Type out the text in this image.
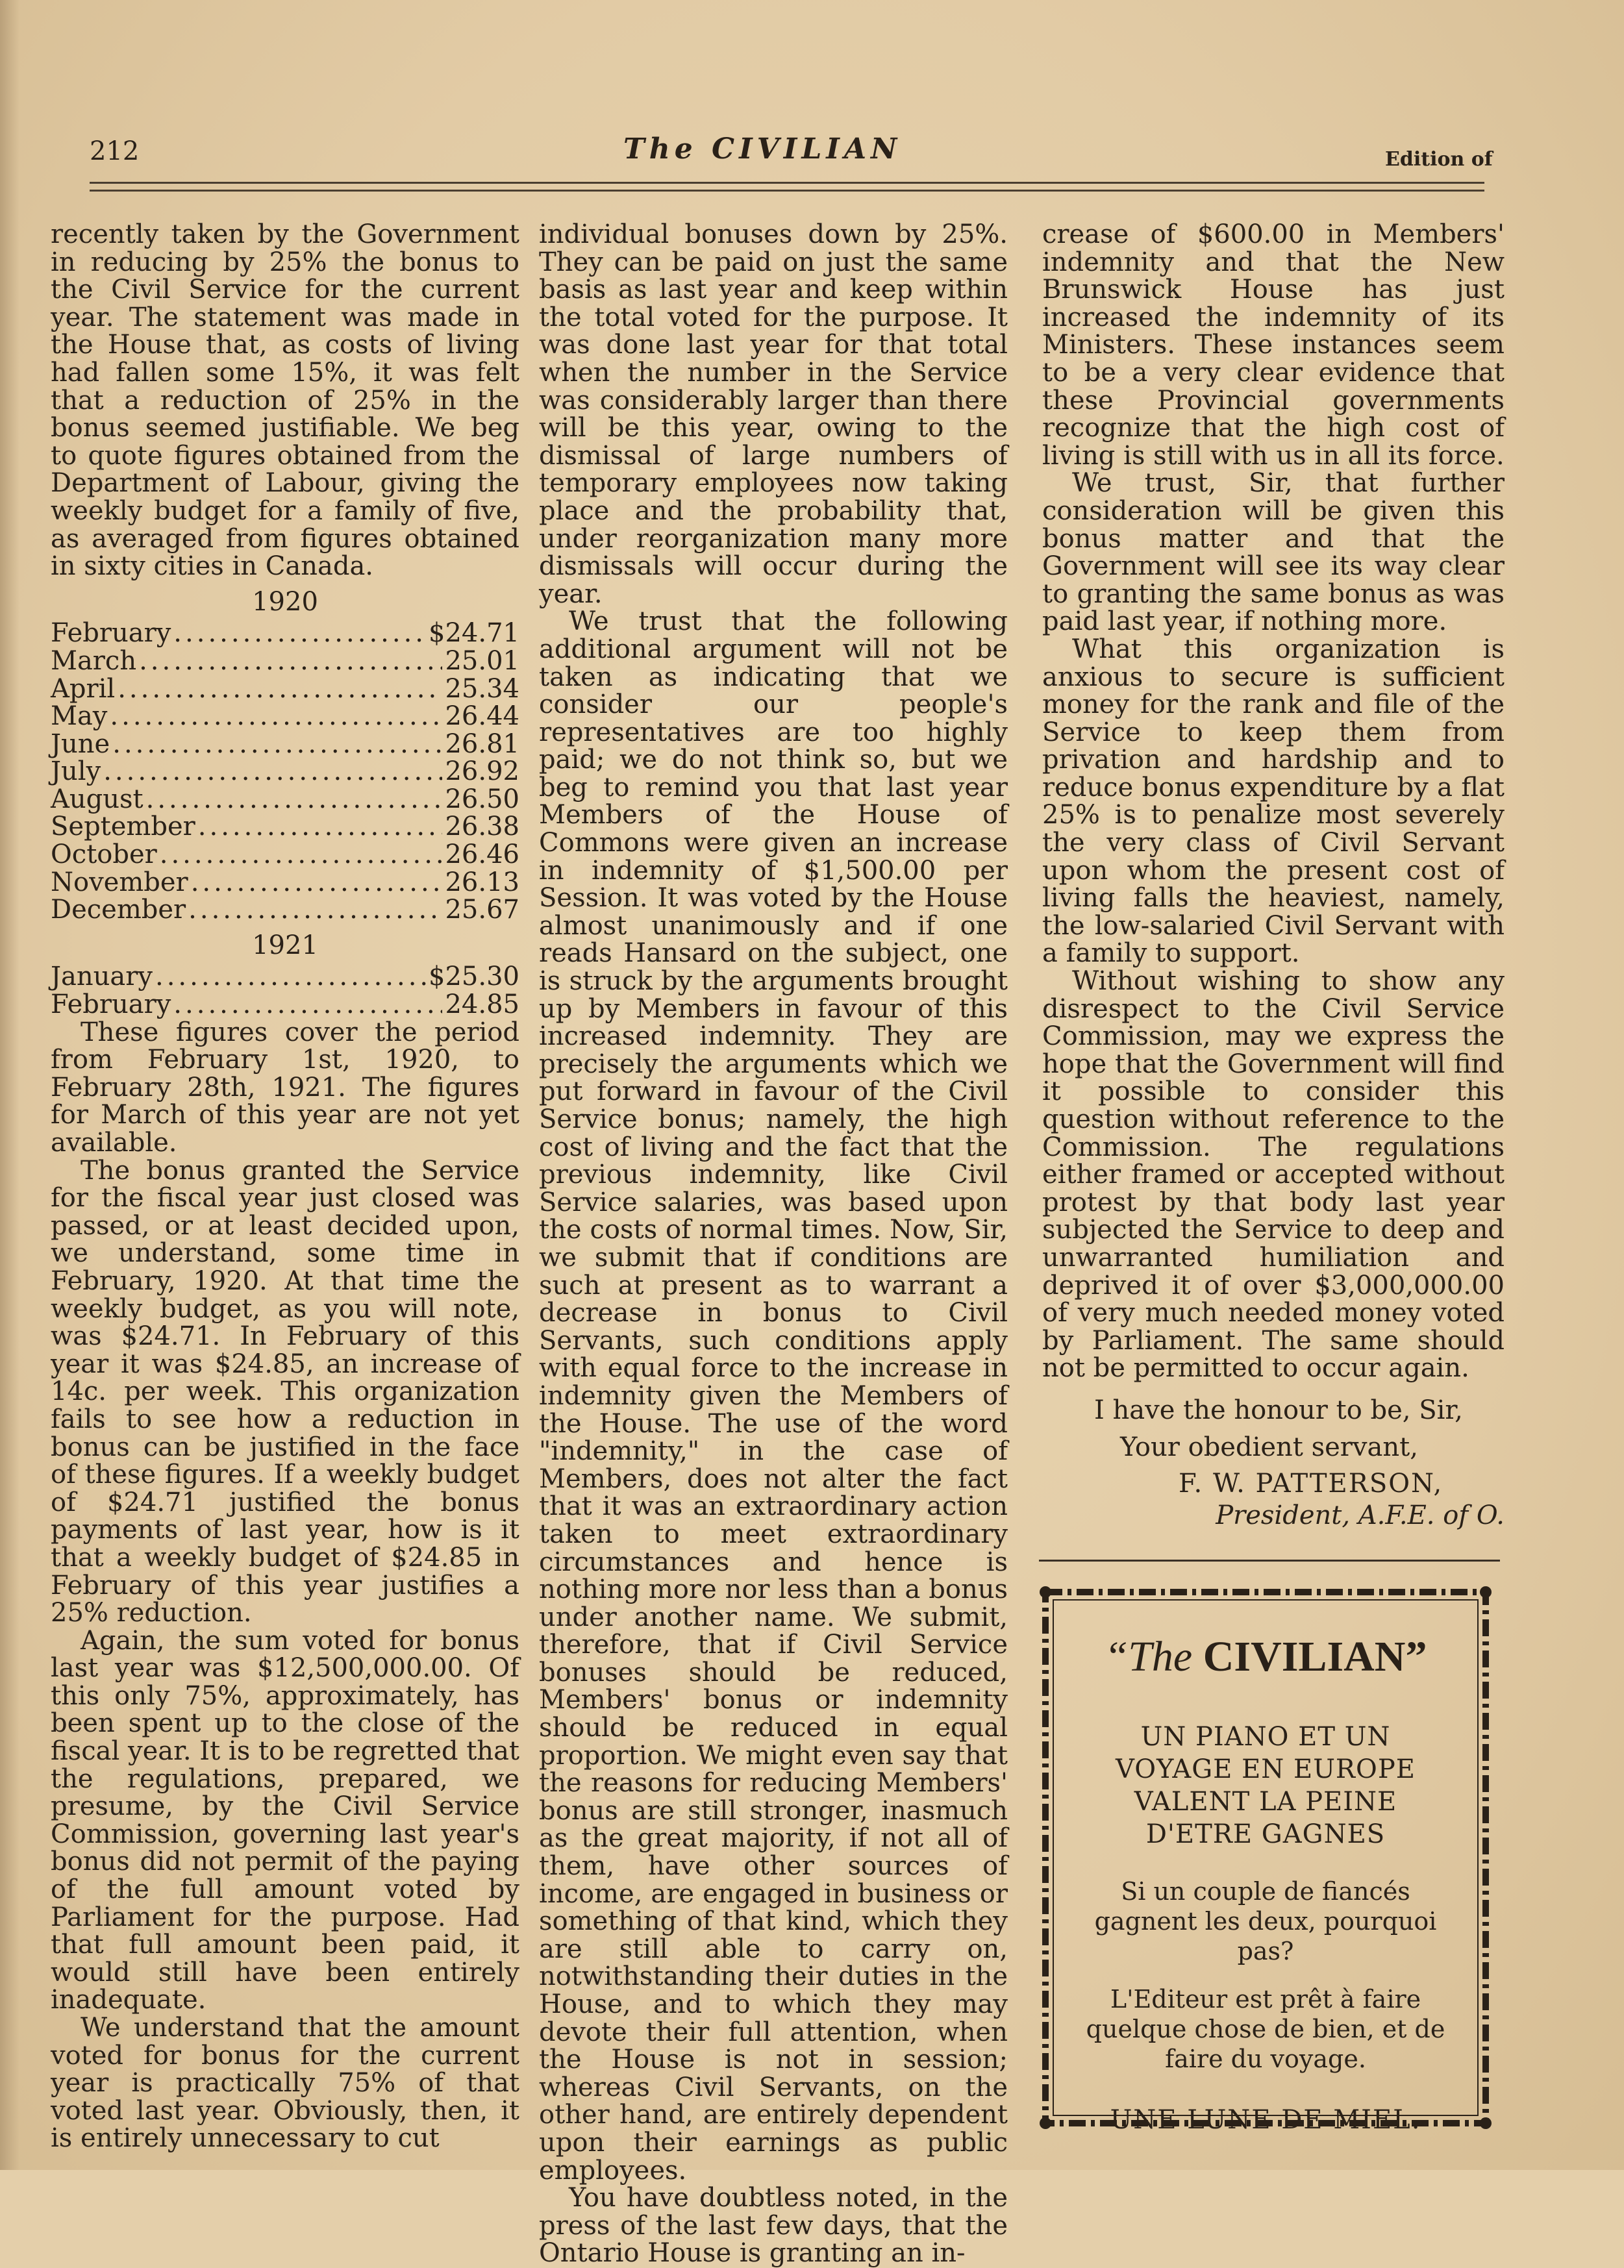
212	The CIVILIAN	Edition of

recently taken by the Government in reducing by 25% the bonus to the Civil Service for the current year. The statement was made in the House that, as costs of living had fallen some 15%, it was felt that a reduction of 25% in the bonus seemed justifiable. We beg to quote figures obtained from the Department of Labour, giving the weekly budget for a family of five, as averaged from figures obtained in sixty cities in Canada.

1920
February .....	$24.71
March .....	25.01
April .....	25.34
May .....	26.44
June .....	26.81
July .....	26.92
August .....	26.50
September .....	26.38
October .....	26.46
November .....	26.13
December .....	25.67
1921
January .....	$25.30
February .....	24.85

These figures cover the period from February 1st, 1920, to February 28th, 1921. The figures for March of this year are not yet available.

The bonus granted the Service for the fiscal year just closed was passed, or at least decided upon, we understand, some time in February, 1920. At that time the weekly budget, as you will note, was $24.71. In February of this year it was $24.85, an increase of 14c. per week. This organization fails to see how a reduction in bonus can be justified in the face of these figures. If a weekly budget of $24.71 justified the bonus payments of last year, how is it that a weekly budget of $24.85 in February of this year justifies a 25% reduction.

Again, the sum voted for bonus last year was $12,500,000.00. Of this only 75%, approximately, has been spent up to the close of the fiscal year. It is to be regretted that the regulations, prepared, we presume, by the Civil Service Commission, governing last year's bonus did not permit of the paying of the full amount voted by Parliament for the purpose. Had that full amount been paid, it would still have been entirely inadequate.

We understand that the amount voted for bonus for the current year is practically 75% of that voted last year. Obviously, then, it is entirely unnecessary to cut

individual bonuses down by 25%. They can be paid on just the same basis as last year and keep within the total voted for the purpose. It was done last year for that total when the number in the Service was considerably larger than there will be this year, owing to the dismissal of large numbers of temporary employees now taking place and the probability that, under reorganization many more dismissals will occur during the year.

We trust that the following additional argument will not be taken as indicating that we consider our people's representatives are too highly paid; we do not think so, but we beg to remind you that last year Members of the House of Commons were given an increase in indemnity of $1,500.00 per Session. It was voted by the House almost unanimously and if one reads Hansard on the subject, one is struck by the arguments brought up by Members in favour of this increased indemnity. They are precisely the arguments which we put forward in favour of the Civil Service bonus; namely, the high cost of living and the fact that the previous indemnity, like Civil Service salaries, was based upon the costs of normal times. Now, Sir, we submit that if conditions are such at present as to warrant a decrease in bonus to Civil Servants, such conditions apply with equal force to the increase in indemnity given the Members of the House. The use of the word "indemnity," in the case of Members, does not alter the fact that it was an extraordinary action taken to meet extraordinary circumstances and hence is nothing more nor less than a bonus under another name. We submit, therefore, that if Civil Service bonuses should be reduced, Members' bonus or indemnity should be reduced in equal proportion. We might even say that the reasons for reducing Members' bonus are still stronger, inasmuch as the great majority, if not all of them, have other sources of income, are engaged in business or something of that kind, which they are still able to carry on, notwithstanding their duties in the House, and to which they may devote their full attention, when the House is not in session; whereas Civil Servants, on the other hand, are entirely dependent upon their earnings as public employees.

You have doubtless noted, in the press of the last few days, that the Ontario House is granting an in-

crease of $600.00 in Members' indemnity and that the New Brunswick House has just increased the indemnity of its Ministers. These instances seem to be a very clear evidence that these Provincial governments recognize that the high cost of living is still with us in all its force.

We trust, Sir, that further consideration will be given this bonus matter and that the Government will see its way clear to granting the same bonus as was paid last year, if nothing more.

What this organization is anxious to secure is sufficient money for the rank and file of the Service to keep them from privation and hardship and to reduce bonus expenditure by a flat 25% is to penalize most severely the very class of Civil Servant upon whom the present cost of living falls the heaviest, namely, the low-salaried Civil Servant with a family to support.

Without wishing to show any disrespect to the Civil Service Commission, may we express the hope that the Government will find it possible to consider this question without reference to the Commission. The regulations either framed or accepted without protest by that body last year subjected the Service to deep and unwarranted humiliation and deprived it of over $3,000,000.00 of very much needed money voted by Parliament. The same should not be permitted to occur again.

I have the honour to be, Sir,

Your obedient servant,

F. W. PATTERSON,

President, A.F.E. of O.

“The CIVILIAN”
UN PIANO ET UN VOYAGE EN EUROPE VALENT LA PEINE D'ETRE GAGNES
Si un couple de fiancés gagnent les deux, pourquoi pas?
L'Editeur est prêt à faire quelque chose de bien, et de faire du voyage.
UNE LUNE DE MIEL.
